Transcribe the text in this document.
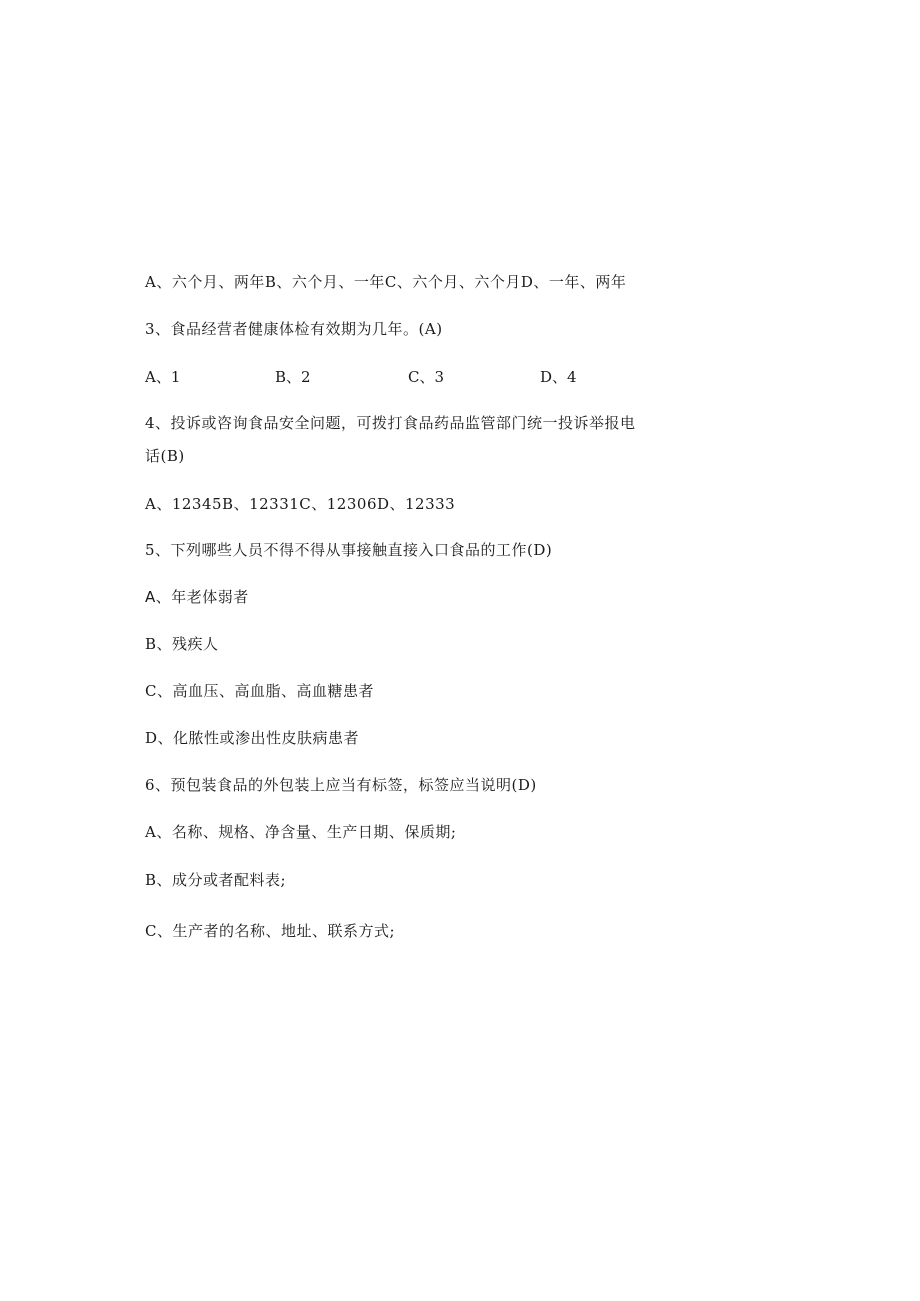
A、六个月、两年B、六个月、一年C、六个月、六个月D、一年、两年
3、食品经营者健康体检有效期为几年。(A)
A、1	B、2	C、3	D、4
4、投诉或咨询食品安全问题，可拨打食品药品监管部门统一投诉举报电
话(B)
A、12345B、12331C、12306D、12333
5、下列哪些人员不得不得从事接触直接入口食品的工作(D)
A、年老体弱者
B、残疾人
C、高血压、高血脂、高血糖患者
D、化脓性或渗出性皮肤病患者
6、预包装食品的外包装上应当有标签，标签应当说明(D)
A、名称、规格、净含量、生产日期、保质期;
B、成分或者配料表;
C、生产者的名称、地址、联系方式;
